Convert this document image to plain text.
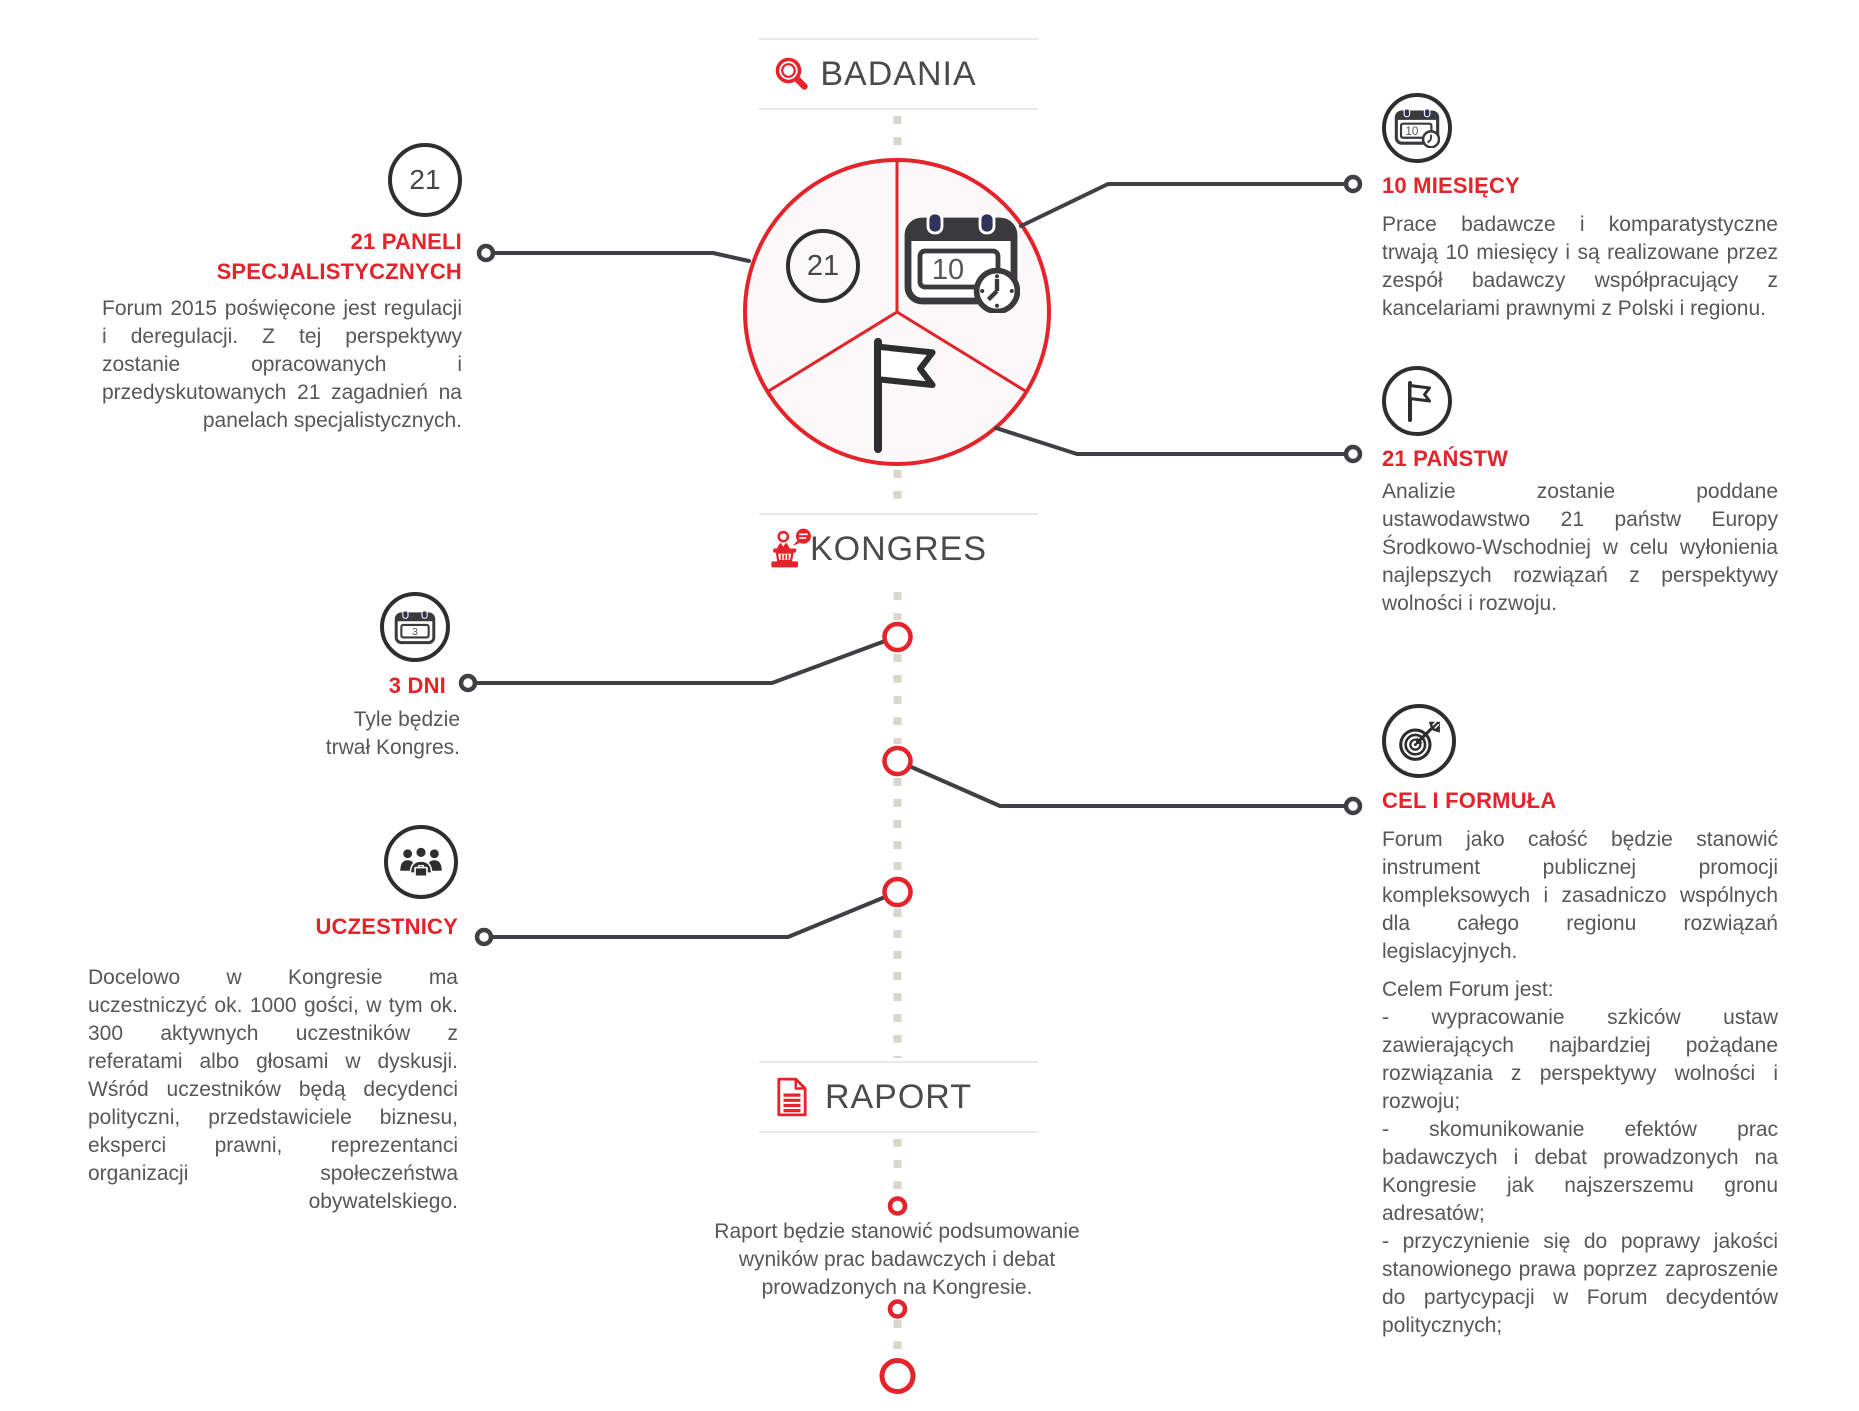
BADANIA
KONGRES
RAPORT
21	10
21
21 PANELI SPECJALISTYCZNYCH
Forum 2015 poświęcone jest regulacji i deregulacji. Z tej perspektywy zostanie opracowanych i przedyskutowanych 21 zagadnień na panelach specjalistycznych.
10
10 MIESIĘCY
Prace badawcze i komparatystyczne trwają 10 miesięcy i są realizowane przez zespół badawczy współpracujący z kancelariami prawnymi z Polski i regionu.
21 PAŃSTW
Analizie zostanie poddane ustawodawstwo 21 państw Europy Środkowo-Wschodniej w celu wyłonienia najlepszych rozwiązań z perspektywy wolności i rozwoju.
3
3 DNI
Tyle będzie trwał Kongres.
UCZESTNICY
Docelowo w Kongresie ma uczestniczyć ok. 1000 gości, w tym ok. 300 aktywnych uczestników z referatami albo głosami w dyskusji. Wśród uczestników będą decydenci polityczni, przedstawiciele biznesu, eksperci prawni, reprezentanci organizacji społeczeństwa obywatelskiego.
CEL I FORMUŁA
Forum jako całość będzie stanowić instrument publicznej promocji kompleksowych i zasadniczo wspólnych dla całego regionu rozwiązań legislacyjnych.
Celem Forum jest:
- wypracowanie szkiców ustaw zawierających najbardziej pożądane rozwiązania z perspektywy wolności i rozwoju;
- skomunikowanie efektów prac badawczych i debat prowadzonych na Kongresie jak najszerszemu gronu adresatów;
- przyczynienie się do poprawy jakości stanowionego prawa poprzez zaproszenie do partycypacji w Forum decydentów politycznych;
Raport będzie stanowić podsumowanie wyników prac badawczych i debat prowadzonych na Kongresie.
